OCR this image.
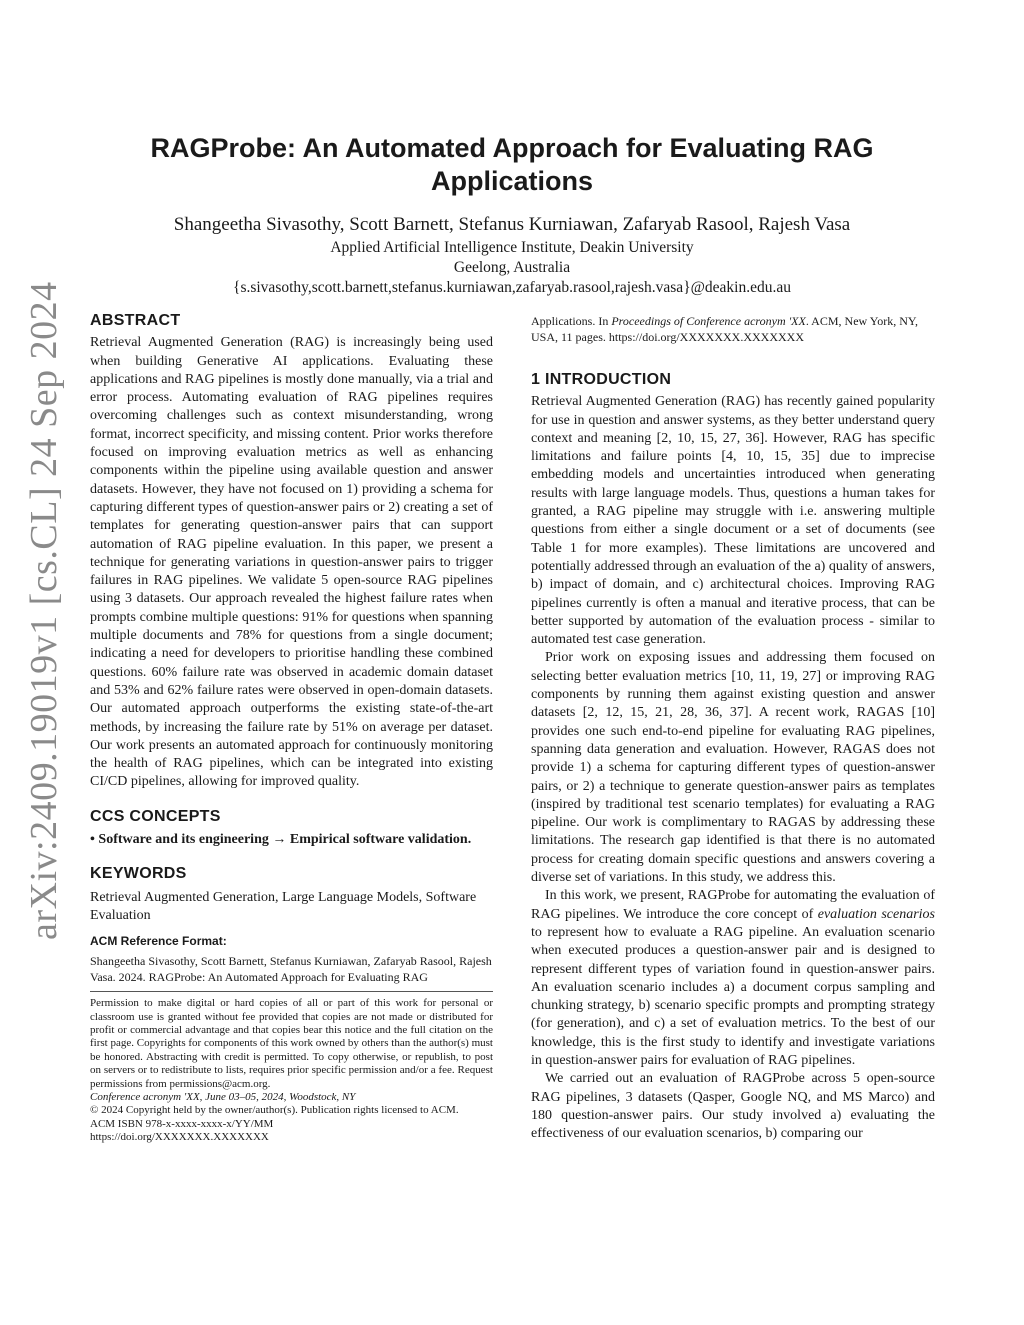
arXiv:2409.19019v1 [cs.CL] 24 Sep 2024
RAGProbe: An Automated Approach for Evaluating RAG
Applications
Shangeetha Sivasothy, Scott Barnett, Stefanus Kurniawan, Zafaryab Rasool, Rajesh Vasa
Applied Artificial Intelligence Institute, Deakin University
Geelong, Australia
{s.sivasothy,scott.barnett,stefanus.kurniawan,zafaryab.rasool,rajesh.vasa}@deakin.edu.au
ABSTRACT

Retrieval Augmented Generation (RAG) is increasingly being used when building Generative AI applications. Evaluating these applications and RAG pipelines is mostly done manually, via a trial and error process. Automating evaluation of RAG pipelines requires overcoming challenges such as context misunderstanding, wrong format, incorrect specificity, and missing content. Prior works therefore focused on improving evaluation metrics as well as enhancing components within the pipeline using available question and answer datasets. However, they have not focused on 1) providing a schema for capturing different types of question-answer pairs or 2) creating a set of templates for generating question-answer pairs that can support automation of RAG pipeline evaluation. In this paper, we present a technique for generating variations in question-answer pairs to trigger failures in RAG pipelines. We validate 5 open-source RAG pipelines using 3 datasets. Our approach revealed the highest failure rates when prompts combine multiple questions: 91% for questions when spanning multiple documents and 78% for questions from a single document; indicating a need for developers to prioritise handling these combined questions. 60% failure rate was observed in academic domain dataset and 53% and 62% failure rates were observed in open-domain datasets. Our automated approach outperforms the existing state-of-the-art methods, by increasing the failure rate by 51% on average per dataset. Our work presents an automated approach for continuously monitoring the health of RAG pipelines, which can be integrated into existing CI/CD pipelines, allowing for improved quality.

CCS CONCEPTS

• Software and its engineering → Empirical software validation.

KEYWORDS

Retrieval Augmented Generation, Large Language Models, Software Evaluation

ACM Reference Format:

Shangeetha Sivasothy, Scott Barnett, Stefanus Kurniawan, Zafaryab Rasool, Rajesh Vasa. 2024. RAGProbe: An Automated Approach for Evaluating RAG

Permission to make digital or hard copies of all or part of this work for personal or classroom use is granted without fee provided that copies are not made or distributed for profit or commercial advantage and that copies bear this notice and the full citation on the first page. Copyrights for components of this work owned by others than the author(s) must be honored. Abstracting with credit is permitted. To copy otherwise, or republish, to post on servers or to redistribute to lists, requires prior specific permission and/or a fee. Request permissions from permissions@acm.org.

Conference acronym 'XX, June 03–05, 2024, Woodstock, NY

© 2024 Copyright held by the owner/author(s). Publication rights licensed to ACM.

ACM ISBN 978-x-xxxx-xxxx-x/YY/MM

https://doi.org/XXXXXXX.XXXXXXX

Applications. In Proceedings of Conference acronym 'XX. ACM, New York, NY, USA, 11 pages. https://doi.org/XXXXXXX.XXXXXXX

1 INTRODUCTION

Retrieval Augmented Generation (RAG) has recently gained popularity for use in question and answer systems, as they better understand query context and meaning [2, 10, 15, 27, 36]. However, RAG has specific limitations and failure points [4, 10, 15, 35] due to imprecise embedding models and uncertainties introduced when generating results with large language models. Thus, questions a human takes for granted, a RAG pipeline may struggle with i.e. answering multiple questions from either a single document or a set of documents (see Table 1 for more examples). These limitations are uncovered and potentially addressed through an evaluation of the a) quality of answers, b) impact of domain, and c) architectural choices. Improving RAG pipelines currently is often a manual and iterative process, that can be better supported by automation of the evaluation process - similar to automated test case generation.

Prior work on exposing issues and addressing them focused on selecting better evaluation metrics [10, 11, 19, 27] or improving RAG components by running them against existing question and answer datasets [2, 12, 15, 21, 28, 36, 37]. A recent work, RAGAS [10] provides one such end-to-end pipeline for evaluating RAG pipelines, spanning data generation and evaluation. However, RAGAS does not provide 1) a schema for capturing different types of question-answer pairs, or 2) a technique to generate question-answer pairs as templates (inspired by traditional test scenario templates) for evaluating a RAG pipeline. Our work is complimentary to RAGAS by addressing these limitations. The research gap identified is that there is no automated process for creating domain specific questions and answers covering a diverse set of variations. In this study, we address this.

In this work, we present, RAGProbe for automating the evaluation of RAG pipelines. We introduce the core concept of evaluation scenarios to represent how to evaluate a RAG pipeline. An evaluation scenario when executed produces a question-answer pair and is designed to represent different types of variation found in question-answer pairs. An evaluation scenario includes a) a document corpus sampling and chunking strategy, b) scenario specific prompts and prompting strategy (for generation), and c) a set of evaluation metrics. To the best of our knowledge, this is the first study to identify and investigate variations in question-answer pairs for evaluation of RAG pipelines.

We carried out an evaluation of RAGProbe across 5 open-source RAG pipelines, 3 datasets (Qasper, Google NQ, and MS Marco) and 180 question-answer pairs. Our study involved a) evaluating the effectiveness of our evaluation scenarios, b) comparing our
